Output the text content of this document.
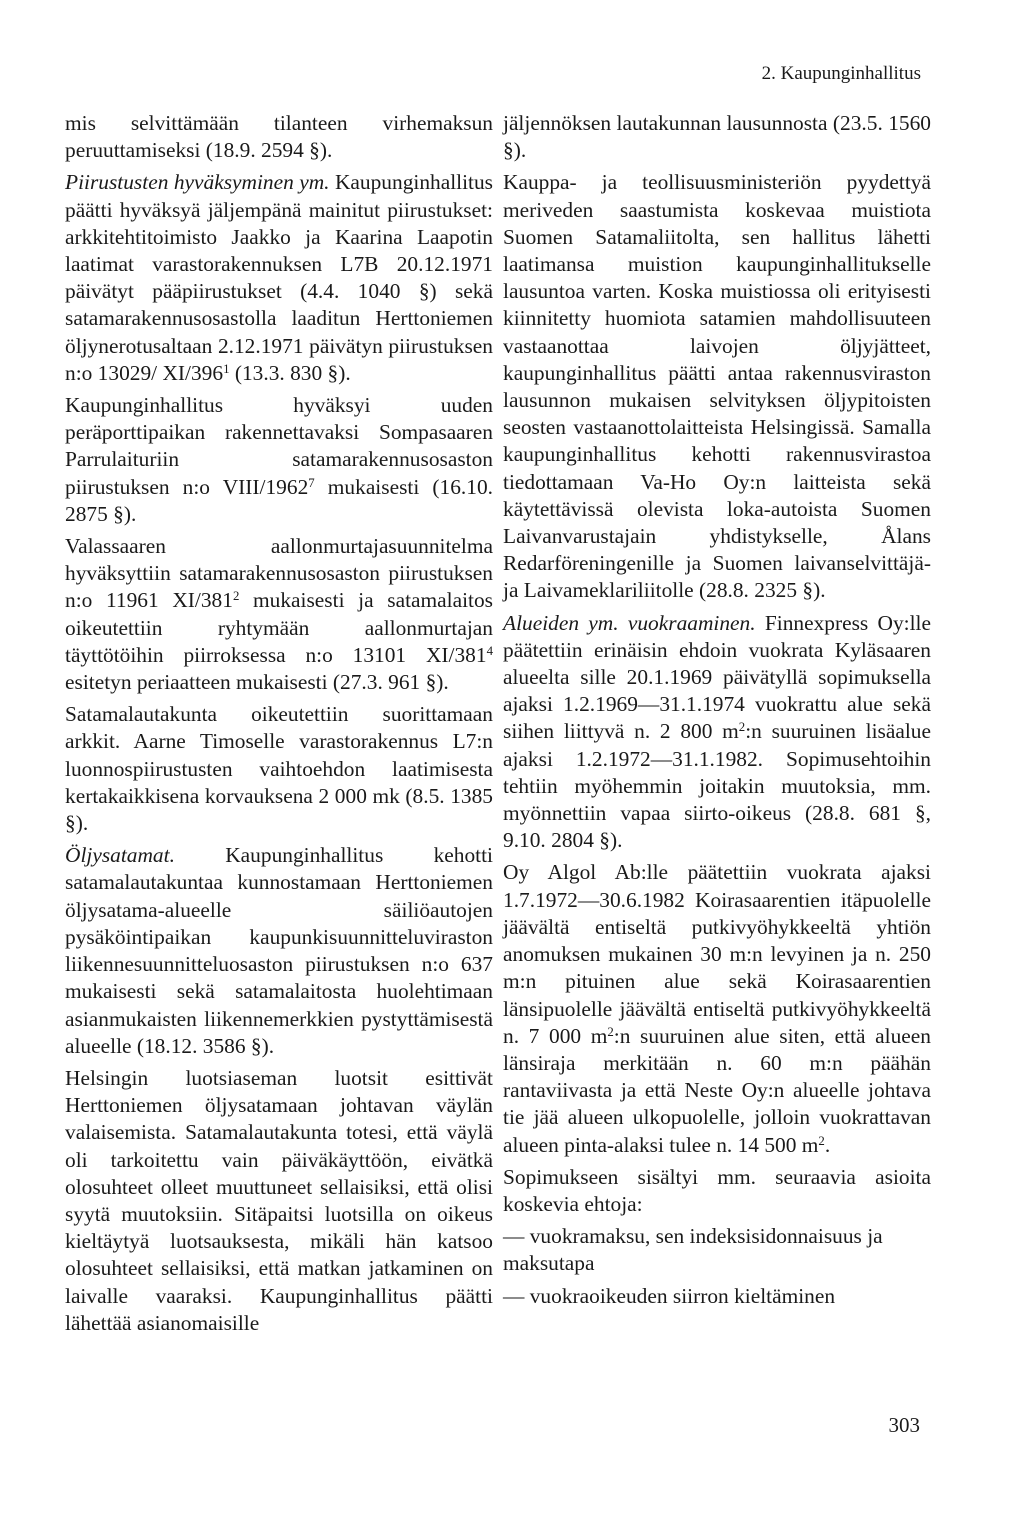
2. Kaupunginhallitus

mis selvittämään tilanteen virhemaksun peruuttamiseksi (18.9. 2594 §).

Piirustusten hyväksyminen ym. Kaupunginhallitus päätti hyväksyä jäljempänä mainitut piirustukset: arkkitehtitoimisto Jaakko ja Kaarina Laapotin laatimat varastorakennuksen L7B 20.12.1971 päivätyt pääpiirustukset (4.4. 1040 §) sekä satamarakennusosastolla laaditun Herttoniemen öljynerotusaltaan 2.12.1971 päivätyn piirustuksen n:o 13029/ $XI/396^1$ (13.3. 830 §).

Kaupunginhallitus hyväksyi uuden peräporttipaikan rakennettavaksi Sompasaaren Parrulaituriin satamarakennusosaston piirustuksen n:o VIII/1962$^7$ mukaisesti (16.10. 2875 §).

Valassaaren aallonmurtajasuunnitelma hyväksyttiin satamarakennusosaston piirustuksen n:o 11961 $XI/381^2$ mukaisesti ja satamalaitos oikeutettiin ryhtymään aallonmurtajan täyttötöihin piirroksessa n:o 13101 $XI/381^4$ esitetyn periaatteen mukaisesti (27.3. 961 §).

Satamalautakunta oikeutettiin suorittamaan arkkit. Aarne Timoselle varastorakennus L7:n luonnospiirustusten vaihtoehdon laatimisesta kertakaikkisena korvauksena 2 000 mk (8.5. 1385 §).

Öljysatamat. Kaupunginhallitus kehotti satamalautakuntaa kunnostamaan Herttoniemen öljysatama-alueelle säiliöautojen pysäköintipaikan kaupunkisuunnitteluviraston liikennesuunnitteluosaston piirustuksen n:o 637 mukaisesti sekä satamalaitosta huolehtimaan asianmukaisten liikennemerkkien pystyttämisestä alueelle (18.12. 3586 §).

Helsingin luotsiaseman luotsit esittivät Herttoniemen öljysatamaan johtavan väylän valaisemista. Satamalautakunta totesi, että väylä oli tarkoitettu vain päiväkäyttöön, eivätkä olosuhteet olleet muuttuneet sellaisiksi, että olisi syytä muutoksiin. Sitäpaitsi luotsilla on oikeus kieltäytyä luotsauksesta, mikäli hän katsoo olosuhteet sellaisiksi, että matkan jatkaminen on laivalle vaaraksi. Kaupunginhallitus päätti lähettää asianomaisille

jäljennöksen lautakunnan lausunnosta (23.5. 1560 §).

Kauppa- ja teollisuusministeriön pyydettyä meriveden saastumista koskevaa muistiota Suomen Satamaliitolta, sen hallitus lähetti laatimansa muistion kaupunginhallitukselle lausuntoa varten. Koska muistiossa oli erityisesti kiinnitetty huomiota satamien mahdollisuuteen vastaanottaa laivojen öljyjätteet, kaupunginhallitus päätti antaa rakennusviraston lausunnon mukaisen selvityksen öljypitoisten seosten vastaanottolaitteista Helsingissä. Samalla kaupunginhallitus kehotti rakennusvirastoa tiedottamaan Va-Ho Oy:n laitteista sekä käytettävissä olevista loka-autoista Suomen Laivanvarustajain yhdistykselle, Ålans Redarföreningenille ja Suomen laivanselvittäjä- ja Laivameklariliitolle (28.8. 2325 §).

Alueiden ym. vuokraaminen. Finnexpress Oy:lle päätettiin erinäisin ehdoin vuokrata Kyläsaaren alueelta sille 20.1.1969 päivätyllä sopimuksella ajaksi 1.2.1969—31.1.1974 vuokrattu alue sekä siihen liittyvä n. 2 800 $m^2:n$ suuruinen lisäalue ajaksi 1.2.1972—31.1.1982. Sopimusehtoihin tehtiin myöhemmin joitakin muutoksia, mm. myönnettiin vapaa siirto-oikeus (28.8. 681 §, 9.10. 2804 §).

Oy Algol Ab:lle päätettiin vuokrata ajaksi 1.7.1972—30.6.1982 Koirasaarentien itäpuolelle jäävältä entiseltä putkivyöhykkeeltä yhtiön anomuksen mukainen 30 m:n levyinen ja n. 250 m:n pituinen alue sekä Koirasaarentien länsipuolelle jäävältä entiseltä putkivyöhykkeeltä n. 7 000 $m^2:n$ suuruinen alue siten, että alueen länsiraja merkitään n. 60 m:n päähän rantaviivasta ja että Neste Oy:n alueelle johtava tie jää alueen ulkopuolelle, jolloin vuokrattavan alueen pinta-alaksi tulee n. 14 500 $m^2$.

Sopimukseen sisältyi mm. seuraavia asioita koskevia ehtoja:

— vuokramaksu, sen indeksisidonnaisuus ja maksutapa

— vuokraoikeuden siirron kieltäminen

303
